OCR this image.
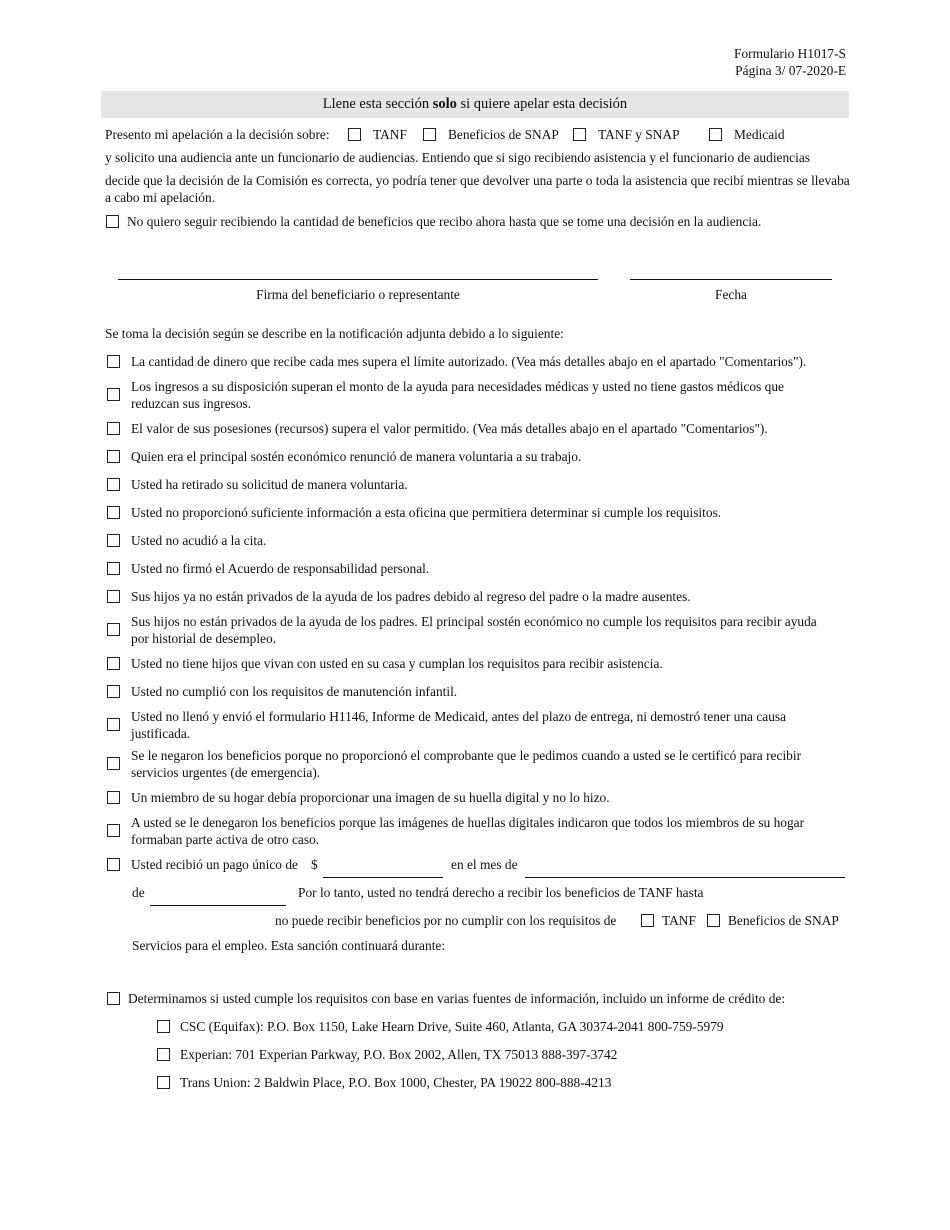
Formulario H1017-S
Página 3/ 07-2020-E
Llene esta sección solo si quiere apelar esta decisión
Presento mi apelación a la decisión sobre:	TANF	Beneficios de SNAP	TANF y SNAP	Medicaid
y solicito una audiencia ante un funcionario de audiencias. Entiendo que si sigo recibiendo asistencia y el funcionario de audiencias
decide que la decisión de la Comisión es correcta, yo podría tener que devolver una parte o toda la asistencia que recibí mientras se llevaba a cabo mi apelación.
No quiero seguir recibiendo la cantidad de beneficios que recibo ahora hasta que se tome una decisión en la audiencia.
Firma del beneficiario o representante	Fecha
Se toma la decisión según se describe en la notificación adjunta debido a lo siguiente:
La cantidad de dinero que recibe cada mes supera el límite autorizado. (Vea más detalles abajo en el apartado "Comentarios").
Los ingresos a su disposición superan el monto de la ayuda para necesidades médicas y usted no tiene gastos médicos que reduzcan sus ingresos.
El valor de sus posesiones (recursos) supera el valor permitido. (Vea más detalles abajo en el apartado "Comentarios").
Quien era el principal sostén económico renunció de manera voluntaria a su trabajo.
Usted ha retirado su solicitud de manera voluntaria.
Usted no proporcionó suficiente información a esta oficina que permitiera determinar si cumple los requisitos.
Usted no acudió a la cita.
Usted no firmó el Acuerdo de responsabilidad personal.
Sus hijos ya no están privados de la ayuda de los padres debido al regreso del padre o la madre ausentes.
Sus hijos no están privados de la ayuda de los padres. El principal sostén económico no cumple los requisitos para recibir ayuda por historial de desempleo.
Usted no tiene hijos que vivan con usted en su casa y cumplan los requisitos para recibir asistencia.
Usted no cumplió con los requisitos de manutención infantil.
Usted no llenó y envió el formulario H1146, Informe de Medicaid, antes del plazo de entrega, ni demostró tener una causa justificada.
Se le negaron los beneficios porque no proporcionó el comprobante que le pedimos cuando a usted se le certificó para recibir servicios urgentes (de emergencia).
Un miembro de su hogar debía proporcionar una imagen de su huella digital y no lo hizo.
A usted se le denegaron los beneficios porque las imágenes de huellas digitales indicaron que todos los miembros de su hogar formaban parte activa de otro caso.
Usted recibió un pago único de $	en el mes de
de	Por lo tanto, usted no tendrá derecho a recibir los beneficios de TANF hasta
no puede recibir beneficios por no cumplir con los requisitos de	TANF Beneficios de SNAP
Servicios para el empleo. Esta sanción continuará durante:
Determinamos si usted cumple los requisitos con base en varias fuentes de información, incluido un informe de crédito de:
CSC (Equifax): P.O. Box 1150, Lake Hearn Drive, Suite 460, Atlanta, GA 30374-2041 800-759-5979
Experian: 701 Experian Parkway, P.O. Box 2002, Allen, TX 75013 888-397-3742
Trans Union: 2 Baldwin Place, P.O. Box 1000, Chester, PA 19022 800-888-4213
